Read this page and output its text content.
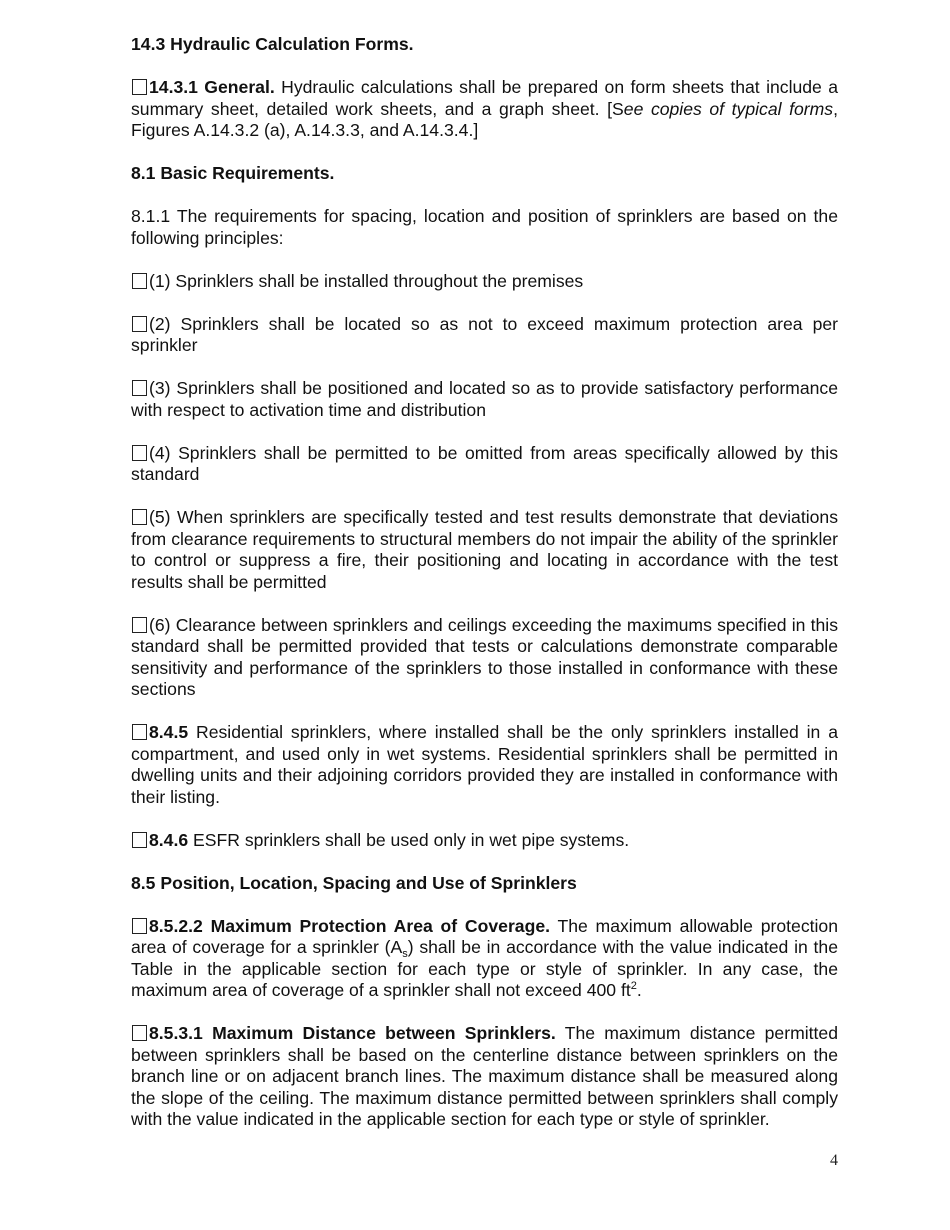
14.3 Hydraulic Calculation Forms.
14.3.1 General. Hydraulic calculations shall be prepared on form sheets that include a summary sheet, detailed work sheets, and a graph sheet. [See copies of typical forms, Figures A.14.3.2 (a), A.14.3.3, and A.14.3.4.]
8.1 Basic Requirements.
8.1.1 The requirements for spacing, location and position of sprinklers are based on the following principles:
(1) Sprinklers shall be installed throughout the premises
(2) Sprinklers shall be located so as not to exceed maximum protection area per sprinkler
(3) Sprinklers shall be positioned and located so as to provide satisfactory performance with respect to activation time and distribution
(4) Sprinklers shall be permitted to be omitted from areas specifically allowed by this standard
(5) When sprinklers are specifically tested and test results demonstrate that deviations from clearance requirements to structural members do not impair the ability of the sprinkler to control or suppress a fire, their positioning and locating in accordance with the test results shall be permitted
(6) Clearance between sprinklers and ceilings exceeding the maximums specified in this standard shall be permitted provided that tests or calculations demonstrate comparable sensitivity and performance of the sprinklers to those installed in conformance with these sections
8.4.5 Residential sprinklers, where installed shall be the only sprinklers installed in a compartment, and used only in wet systems. Residential sprinklers shall be permitted in dwelling units and their adjoining corridors provided they are installed in conformance with their listing.
8.4.6 ESFR sprinklers shall be used only in wet pipe systems.
8.5 Position, Location, Spacing and Use of Sprinklers
8.5.2.2 Maximum Protection Area of Coverage. The maximum allowable protection area of coverage for a sprinkler $(A_s)$ shall be in accordance with the value indicated in the Table in the applicable section for each type or style of sprinkler. In any case, the maximum area of coverage of a sprinkler shall not exceed 400 $ft^2$.
8.5.3.1 Maximum Distance between Sprinklers. The maximum distance permitted between sprinklers shall be based on the centerline distance between sprinklers on the branch line or on adjacent branch lines. The maximum distance shall be measured along the slope of the ceiling. The maximum distance permitted between sprinklers shall comply with the value indicated in the applicable section for each type or style of sprinkler.
4
